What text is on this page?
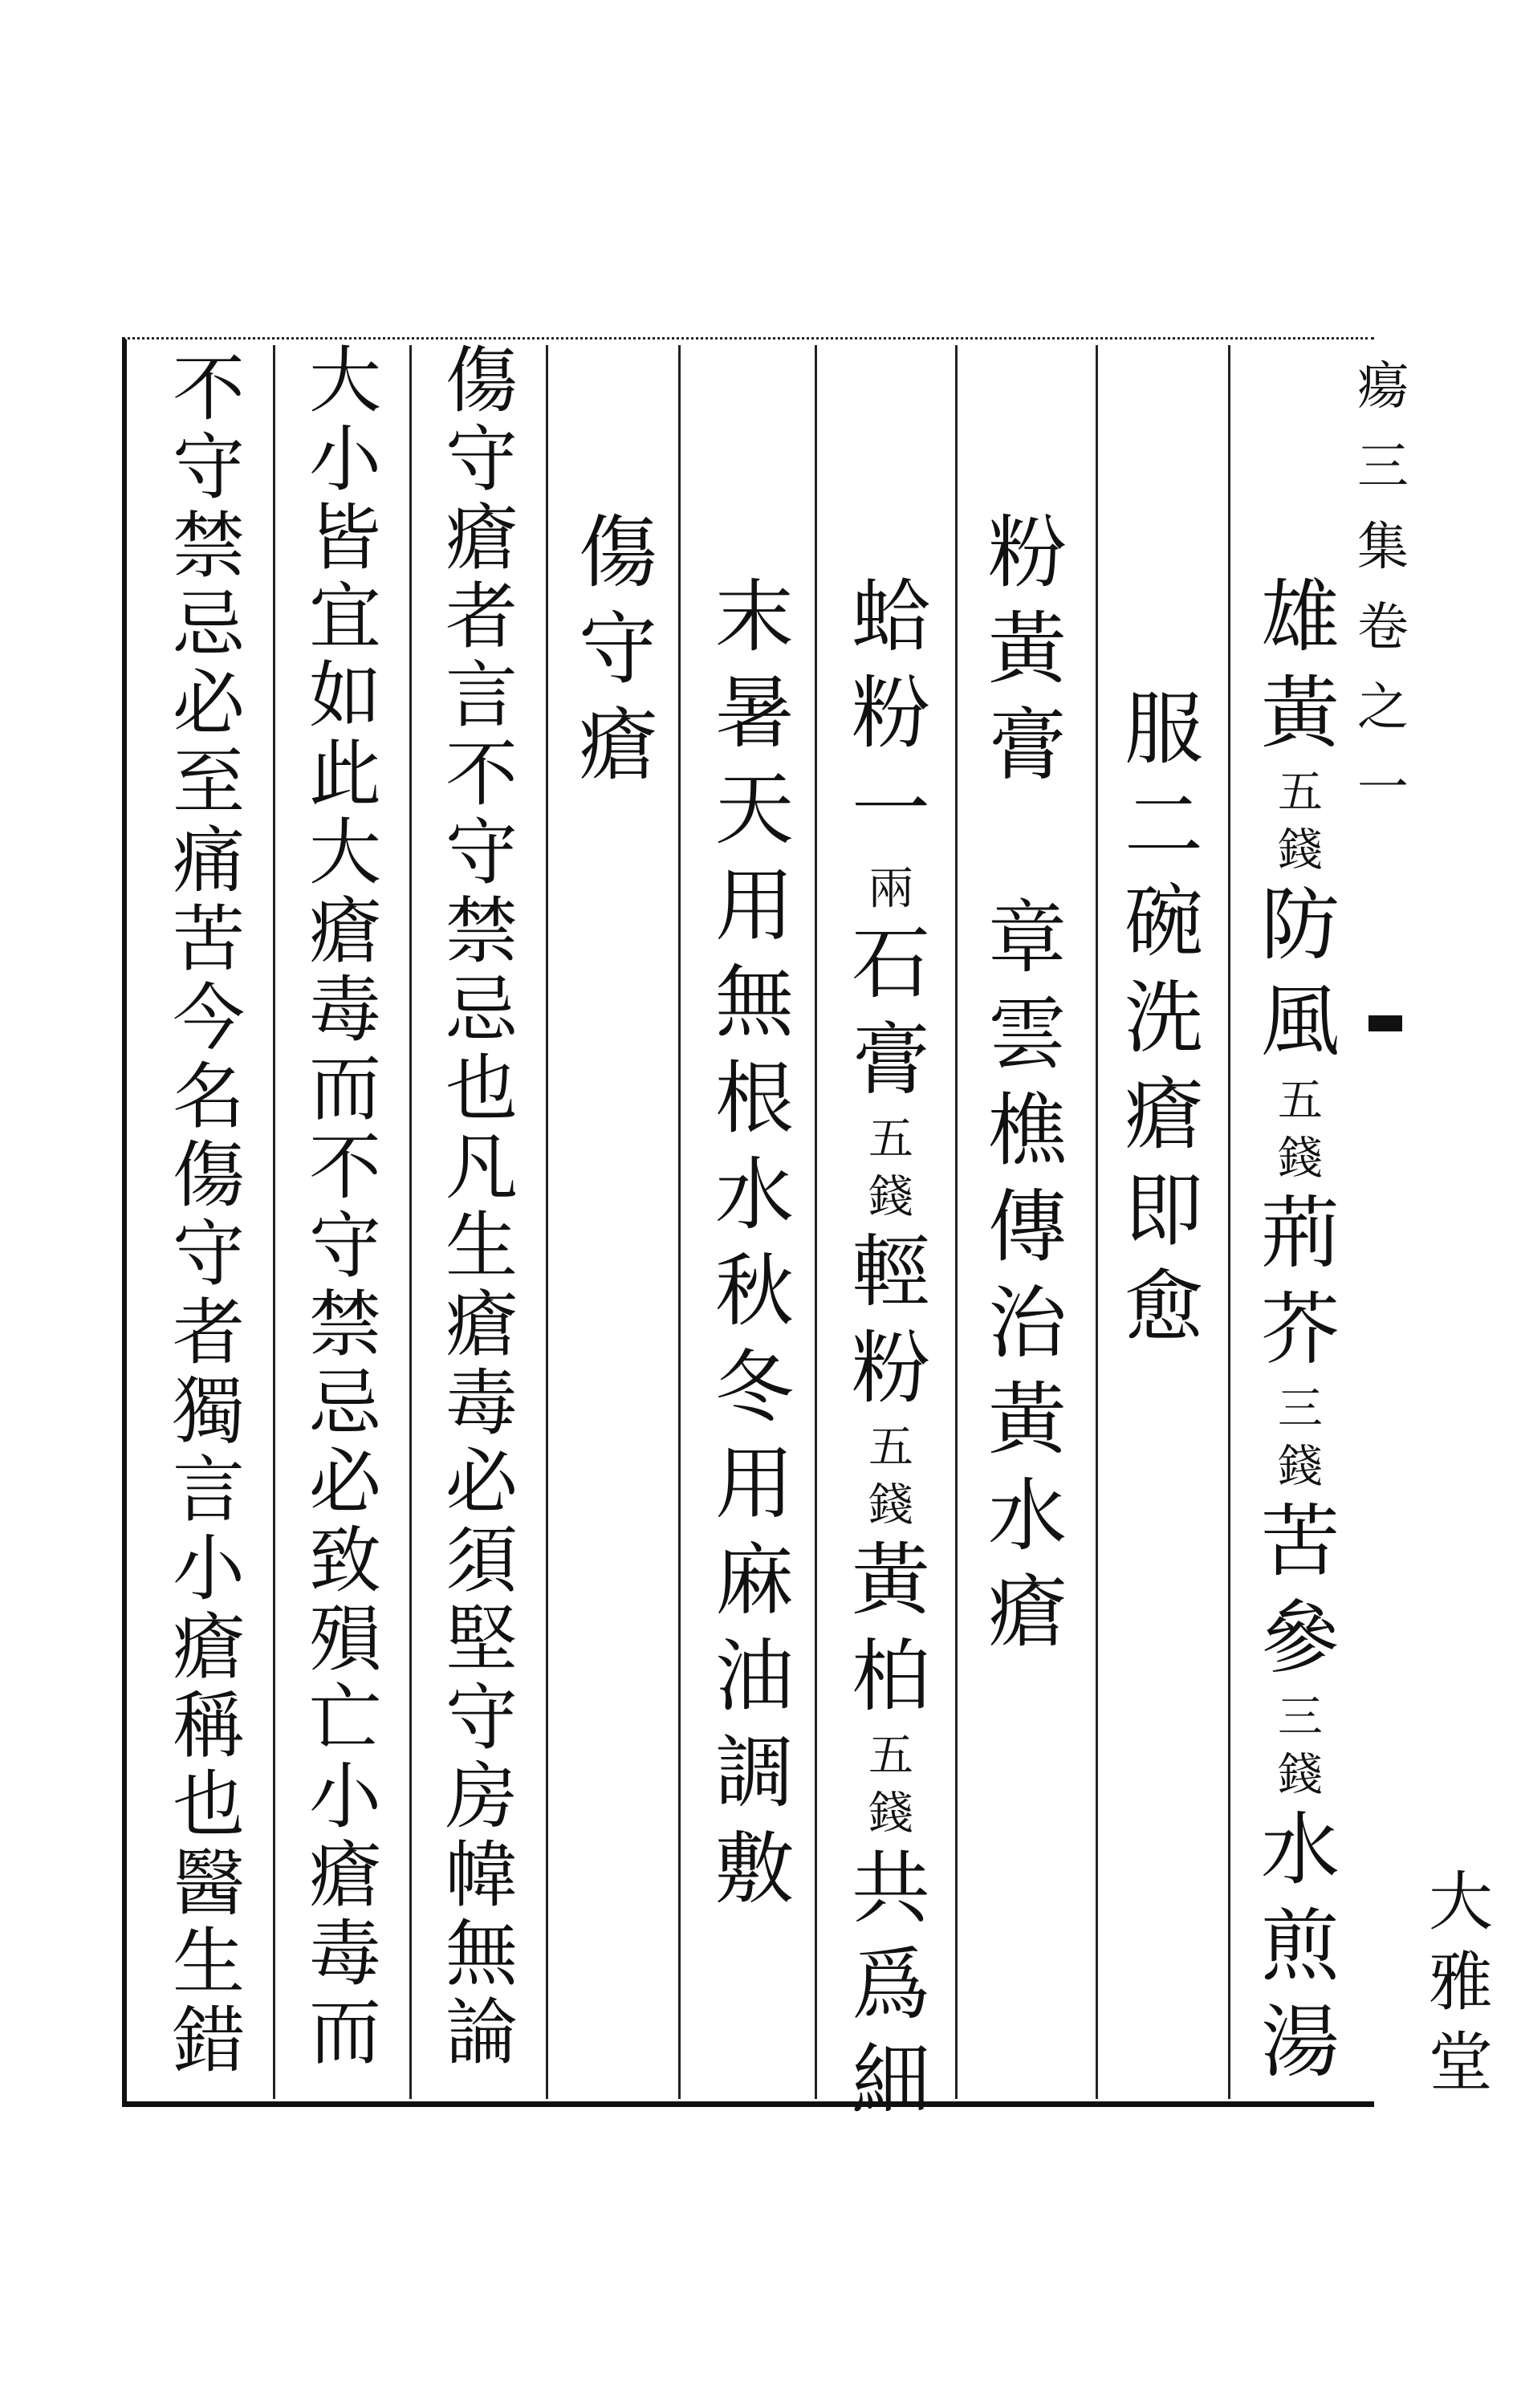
瘍
三
集
卷
之
一
大
雅
堂
雄
黃
五
錢
防
風
五
錢
荊
芥
三
錢
苦
參
三
錢
水
煎
湯
服
二
碗
洗
瘡
即
愈
粉
黃
膏
章
雲
樵
傳
治
黃
水
瘡
蛤
粉
一
兩
石
膏
五
錢
輕
粉
五
錢
黃
柏
五
錢
共
爲
細
末
暑
天
用
無
根
水
秋
冬
用
麻
油
調
敷
傷
守
瘡
傷
守
瘡
者
言
不
守
禁
忌
也
凡
生
瘡
毒
必
須
堅
守
房
幃
無
論
大
小
皆
宜
如
此
大
瘡
毒
而
不
守
禁
忌
必
致
殞
亡
小
瘡
毒
而
不
守
禁
忌
必
至
痛
苦
今
名
傷
守
者
獨
言
小
瘡
稱
也
醫
生
錯
